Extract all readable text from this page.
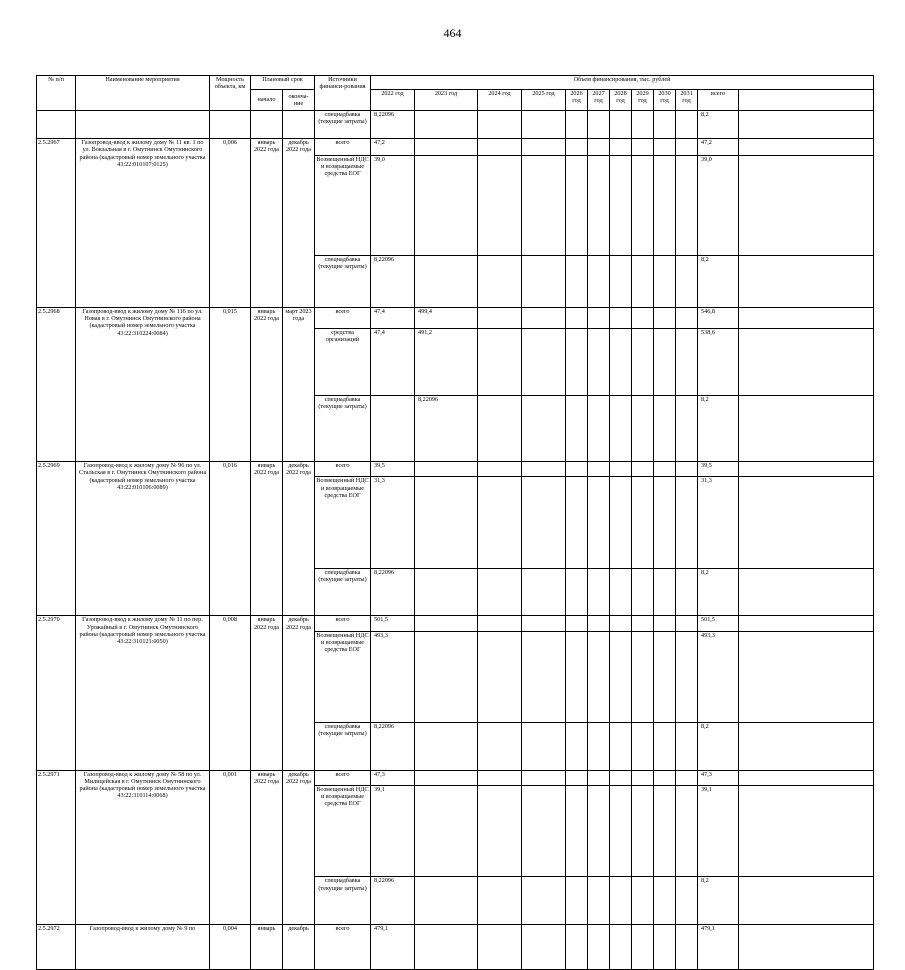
464
№ п/п	Наименование мероприятия	Мощность объекта, км	Плановый срок		Источники финанси-рования	Объем финансирования, тыс. рублей	
			начало	оконча-ние		2022 год	2023 год	2024 год	2025 год	2026 год	2027 год	2028 год	2029 год	2030 год	2031 год	всего		

					спецнадбавка (текущие затраты)	8,22096										8,2		
2.5.2967	Газопровод-ввод к жилому дому № 11 кв. 1 по ул. Вокзальная в г. Омутнинск Омутнинского района (кадастровый номер земельного участка 43:22:010107:0125)	0,006	январь 2022 года	декабрь 2022 года	всего	47,2										47,2		
					Возмещенный НДС и возвращаемые средства ЕОГ	39,0										39,0		
					спецнадбавка (текущие затраты)	8,22096										8,2		
2.5.2968	Газопровод-ввод к жилому дому № 116 по ул. Новая в г. Омутнинск Омутнинского района (кадастровый номер земельного участка 43:22:310224:0084)	0,015	январь 2022 года	март 2023 года	всего	47,4	499,4									546,8		
					средства организаций	47,4	491,2									538,6		
					спецнадбавка (текущие затраты)		8,22096									8,2		
2.5.2969	Газопровод-ввод к жилому дому № 96 по ул. Стальская в г. Омутнинск Омутнинского района (кадастровый номер земельного участка 43:22:010106:0089)	0,016	январь 2022 года	декабрь 2022 года	всего	39,5										39,5		
					Возмещенный НДС и возвращаемые средства ЕОГ	31,3										31,3		
					спецнадбавка (текущие затраты)	8,22096										8,2		
2.5.2970	Газопровод-ввод к жилому дому № 11 по пер. Урожайный в г. Омутнинск Омутнинского района (кадастровый номер земельного участка 43:22:310121:0050)	0,008	январь 2022 года	декабрь 2022 года	всего	501,5										501,5		
					Возмещенный НДС и возвращаемые средства ЕОГ	493,3										493,3		
					спецнадбавка (текущие затраты)	8,22096										8,2		
2.5.2971	Газопровод-ввод к жилому дому № 58 по ул. Милицейская в г. Омутнинск Омутнинского района (кадастровый номер земельного участка 43:22:310114:0068)	0,001	январь 2022 года	декабрь 2022 года	всего	47,3										47,3		
					Возмещенный НДС и возвращаемые средства ЕОГ	39,1										39,1		
					спецнадбавка (текущие затраты)	8,22096										8,2		
2.5.2972	Газопровод-ввод к жилому дому № 9 по	0,004	январь	декабрь	всего	479,1										479,1		
